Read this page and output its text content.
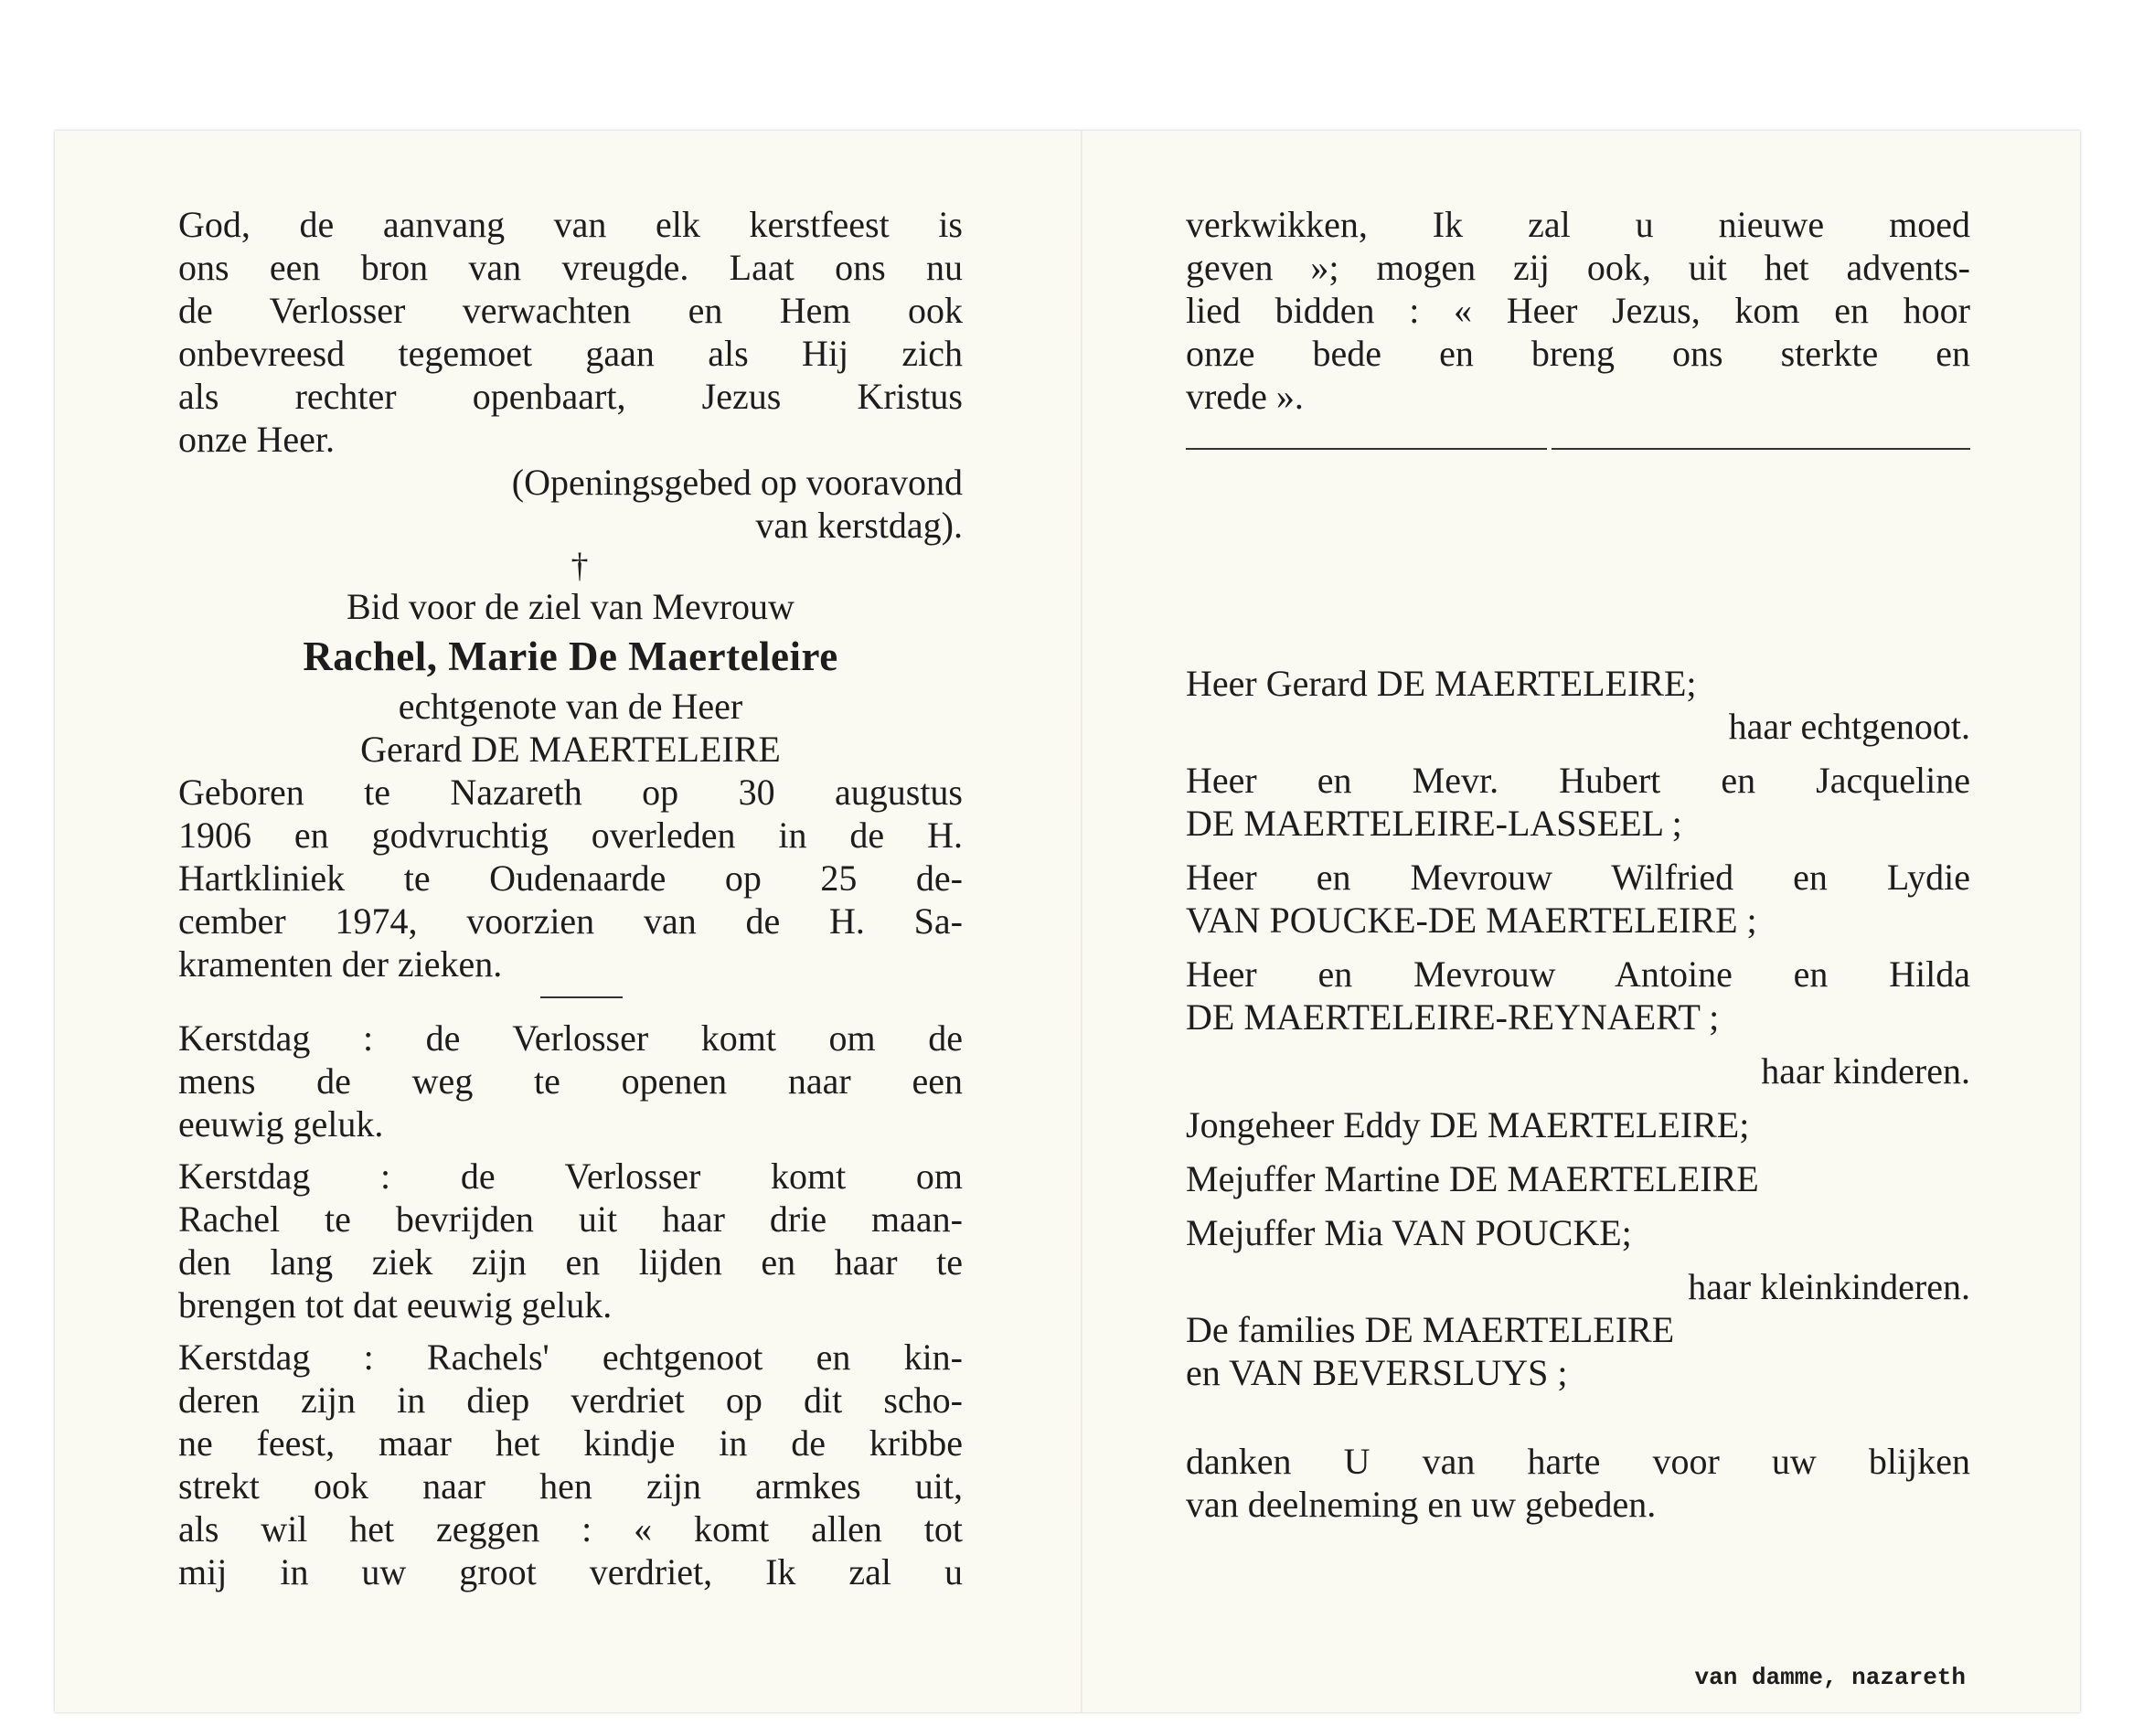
God, de aanvang van elk kerstfeest is
ons een bron van vreugde. Laat ons nu
de Verlosser verwachten en Hem ook
onbevreesd tegemoet gaan als Hij zich
als rechter openbaart, Jezus Kristus
onze Heer.
(Openingsgebed op vooravond
van kerstdag).
†
Bid voor de ziel van Mevrouw
Rachel, Marie De Maerteleire
echtgenote van de Heer
Gerard DE MAERTELEIRE
Geboren te Nazareth op 30 augustus
1906 en godvruchtig overleden in de H.
Hartkliniek te Oudenaarde op 25 de-
cember 1974, voorzien van de H. Sa-
kramenten der zieken.
Kerstdag : de Verlosser komt om de
mens de weg te openen naar een
eeuwig geluk.
Kerstdag : de Verlosser komt om
Rachel te bevrijden uit haar drie maan-
den lang ziek zijn en lijden en haar te
brengen tot dat eeuwig geluk.
Kerstdag : Rachels' echtgenoot en kin-
deren zijn in diep verdriet op dit scho-
ne feest, maar het kindje in de kribbe
strekt ook naar hen zijn armkes uit,
als wil het zeggen : « komt allen tot
mij in uw groot verdriet, Ik zal u
verkwikken, Ik zal u nieuwe moed
geven »; mogen zij ook, uit het advents-
lied bidden : « Heer Jezus, kom en hoor
onze bede en breng ons sterkte en
vrede ».
Heer Gerard DE MAERTELEIRE;
haar echtgenoot.
Heer en Mevr. Hubert en Jacqueline
DE MAERTELEIRE-LASSEEL ;
Heer en Mevrouw Wilfried en Lydie
VAN POUCKE-DE MAERTELEIRE ;
Heer en Mevrouw Antoine en Hilda
DE MAERTELEIRE-REYNAERT ;
haar kinderen.
Jongeheer Eddy DE MAERTELEIRE;
Mejuffer Martine DE MAERTELEIRE
Mejuffer Mia VAN POUCKE;
haar kleinkinderen.
De families DE MAERTELEIRE
en VAN BEVERSLUYS ;
danken U van harte voor uw blijken
van deelneming en uw gebeden.
van damme, nazareth
